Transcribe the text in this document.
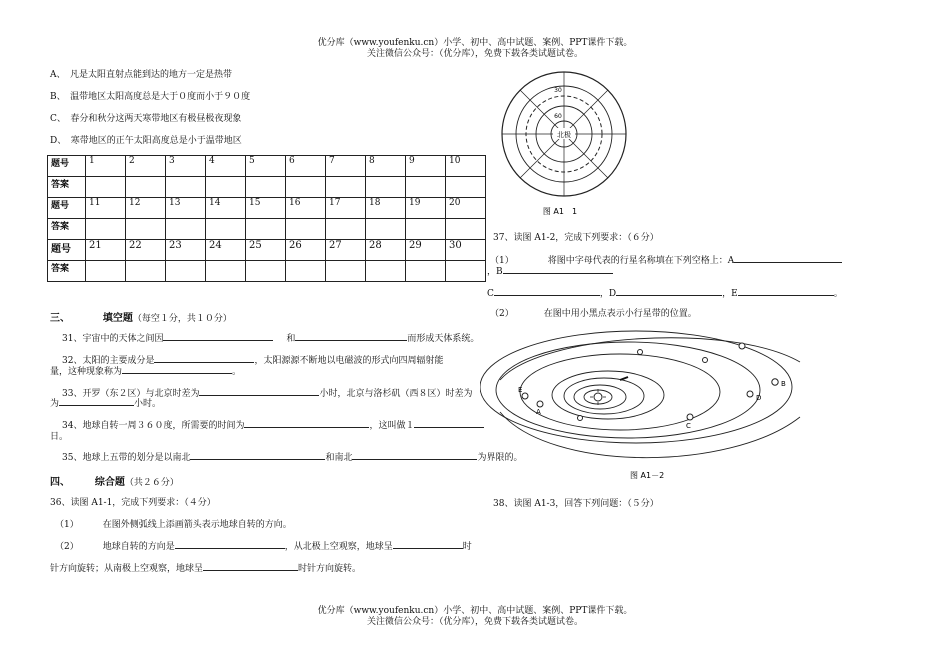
优分库（www.youfenku.cn）小学、初中、高中试题、案例、PPT课件下载。
关注微信公众号：（优分库），免费下载各类试题试卷。
A、　凡是太阳直射点能到达的地方一定是热带
B、　温带地区太阳高度总是大于０度而小于９０度
C、　春分和秋分这两天寒带地区有极昼极夜现象
D、　寒带地区的正午太阳高度总是小于温带地区
题号	1	2	3	4	5	6	7	8	9	10
答案										
题号	11	12	13	14	15	16	17	18	19	20
答案										
题号	21	22	23	24	25	26	27	28	29	30
答案										
三、	填空题（每空１分，共１０分）
31、宇宙中的天体之间因	和	而形成天体系统。
32、太阳的主要成分是	，太阳源源不断地以电磁波的形式向四周辐射能
量，这种现象称为	。
33、开罗（东２区）与北京时差为	小时，北京与洛杉矶（西８区）时差为
为	小时。
34、地球自转一周３６０度，所需要的时间为	，这叫做１
日。
35、地球上五带的划分是以南北	和南北	为界限的。
四、 综合题（共２６分）
36、读图 A1-1，完成下列要求：（４分）
（1）	在图外侧弧线上添画箭头表示地球自转的方向。
（2）	地球自转的方向是	，从北极上空观察，地球呈	时
针方向旋转；从南极上空观察，地球呈	时针方向旋转。
北极
60
30
图 A1　1
37、读图 A1-2，完成下列要求：（６分）
（1）	将图中字母代表的行星名称填在下列空格上：A
，B
C	，D	，E	。
（2）	在图中用小黑点表示小行星带的位置。
A
B
C
D
E
图 A1－2
38、读图 A1-3，回答下列问题：（５分）
优分库（www.youfenku.cn）小学、初中、高中试题、案例、PPT课件下载。
关注微信公众号：（优分库），免费下载各类试题试卷。
